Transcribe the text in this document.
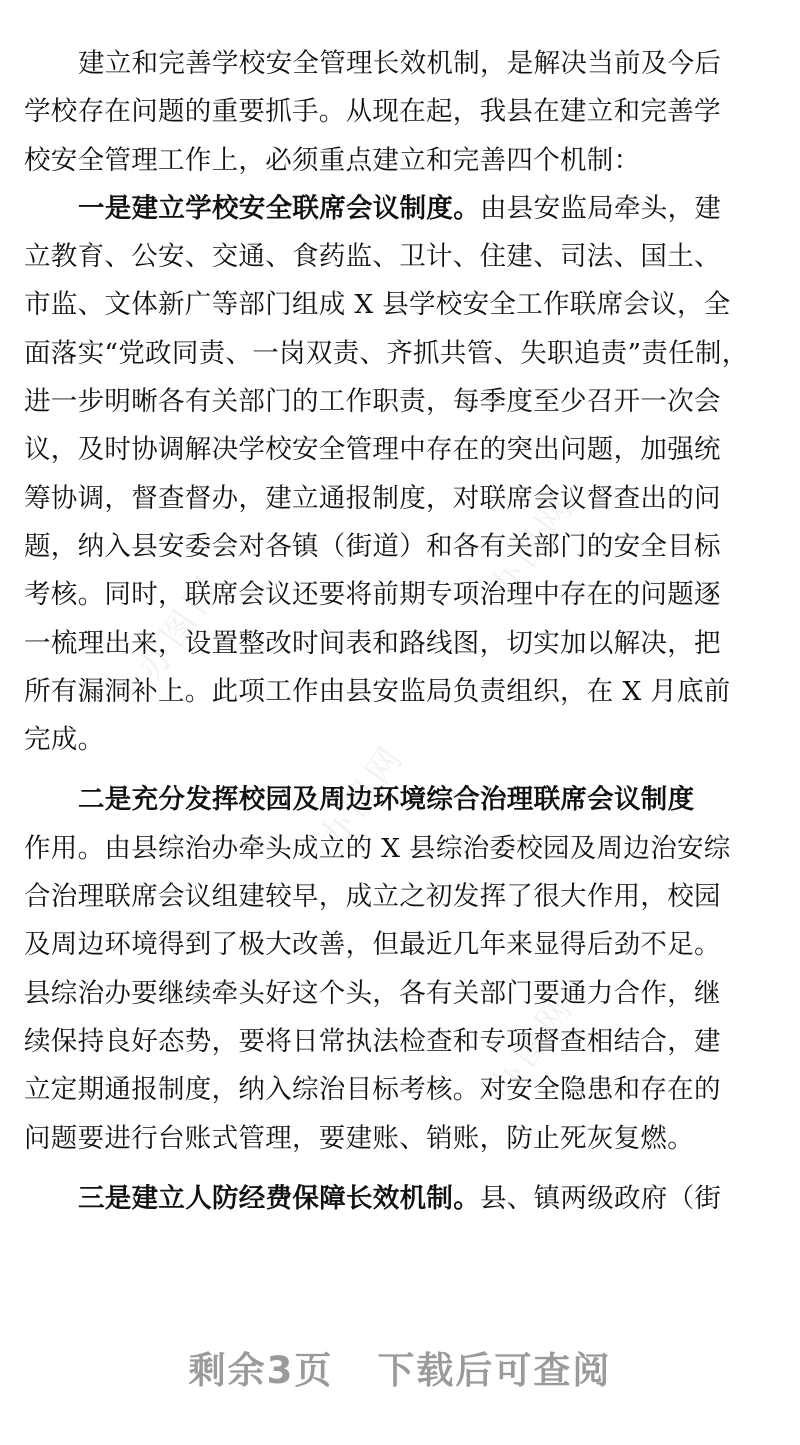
办图网
办图网
办图网
办图网
建立和完善学校安全管理长效机制，是解决当前及今后
学校存在问题的重要抓手。从现在起，我县在建立和完善学
校安全管理工作上，必须重点建立和完善四个机制：
一是建立学校安全联席会议制度。由县安监局牵头，建
立教育、公安、交通、食药监、卫计、住建、司法、国土、
市监、文体新广等部门组成 X 县学校安全工作联席会议，全
面落实“党政同责、一岗双责、齐抓共管、失职追责”责任制，
进一步明晰各有关部门的工作职责，每季度至少召开一次会
议，及时协调解决学校安全管理中存在的突出问题，加强统
筹协调，督查督办，建立通报制度，对联席会议督查出的问
题，纳入县安委会对各镇（街道）和各有关部门的安全目标
考核。同时，联席会议还要将前期专项治理中存在的问题逐
一梳理出来，设置整改时间表和路线图，切实加以解决，把
所有漏洞补上。此项工作由县安监局负责组织，在 X 月底前
完成。
二是充分发挥校园及周边环境综合治理联席会议制度
作用。由县综治办牵头成立的 X 县综治委校园及周边治安综
合治理联席会议组建较早，成立之初发挥了很大作用，校园
及周边环境得到了极大改善，但最近几年来显得后劲不足。
县综治办要继续牵头好这个头，各有关部门要通力合作，继
续保持良好态势，要将日常执法检查和专项督查相结合，建
立定期通报制度，纳入综治目标考核。对安全隐患和存在的
问题要进行台账式管理，要建账、销账，防止死灰复燃。
三是建立人防经费保障长效机制。县、镇两级政府（街
剩余3页 下载后可查阅
